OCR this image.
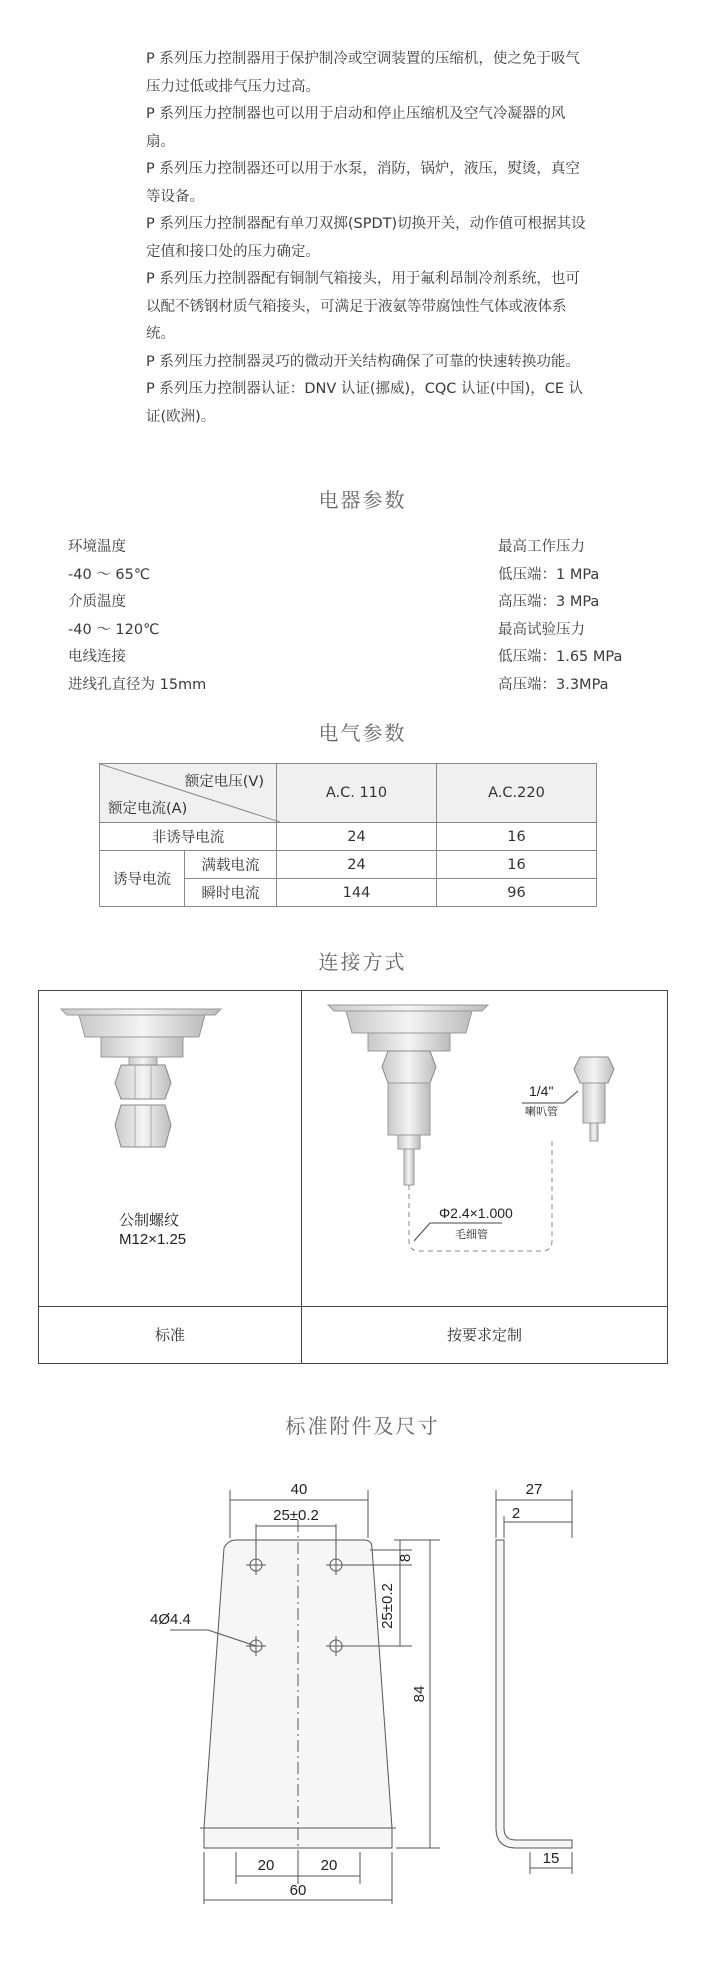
P 系列压力控制器用于保护制冷或空调装置的压缩机，使之免于吸气压力过低或排气压力过高。

P 系列压力控制器也可以用于启动和停止压缩机及空气冷凝器的风扇。

P 系列压力控制器还可以用于水泵，消防，锅炉，液压，熨烫，真空等设备。

P 系列压力控制器配有单刀双掷(SPDT)切换开关，动作值可根据其设定值和接口处的压力确定。

P 系列压力控制器配有铜制气箱接头，用于氟利昂制冷剂系统，也可以配不锈钢材质气箱接头，可满足于液氨等带腐蚀性气体或液体系统。

P 系列压力控制器灵巧的微动开关结构确保了可靠的快速转换功能。

P 系列压力控制器认证：DNV 认证(挪威)，CQC 认证(中国)，CE 认证(欧洲)。

电器参数
环境温度
-40 ～ 65℃
介质温度
-40 ～ 120℃
电线连接
进线孔直径为 15mm
最高工作压力
低压端：1 MPa
高压端：3 MPa
最高试验压力
低压端：1.65 MPa
高压端：3.3MPa
电气参数
额定电压(V)
额定电流(A)		A.C. 110	A.C.220
非诱导电流		24	16
诱导电流	满载电流	24	16
	瞬时电流	144	96
连接方式
公制螺纹
M12×1.25
1/4"
喇叭管
Φ2.4×1.000
毛细管
标准	按要求定制
标准附件及尺寸
40
25±0.2
4Ø4.4
8
25±0.2
84
20	20
60
27
2
15
